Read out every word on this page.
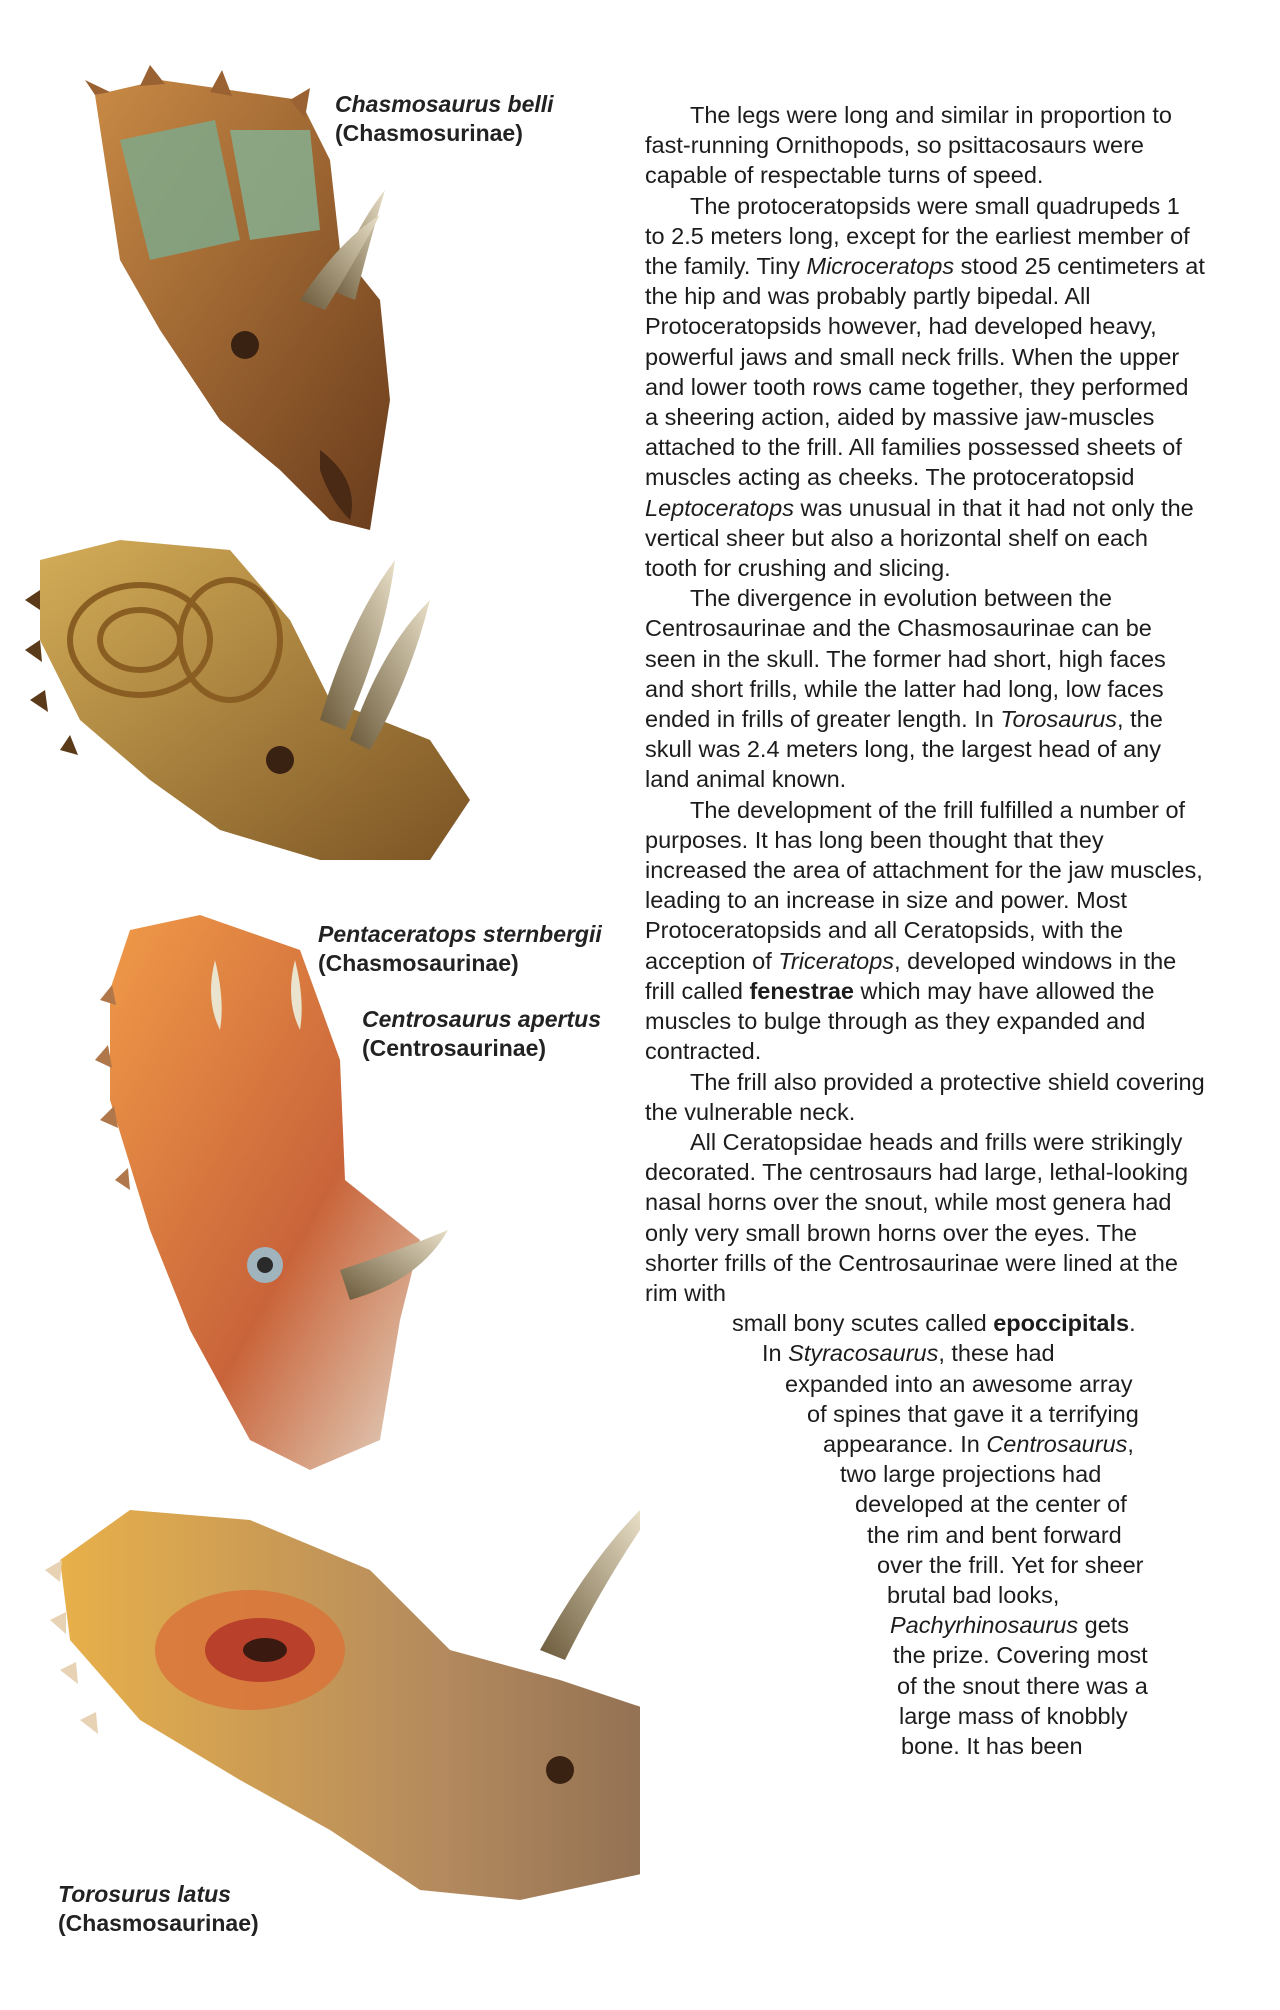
Chasmosaurus belli
(Chasmosurinae)
Pentaceratops sternbergii
(Chasmosaurinae)
Centrosaurus apertus
(Centrosaurinae)
Torosurus latus
(Chasmosaurinae)

The legs were long and similar in proportion to fast-running Ornithopods, so psittacosaurs were capable of respectable turns of speed.

The protoceratopsids were small quadrupeds 1 to 2.5 meters long, except for the earliest member of the family. Tiny Microceratops stood 25 centimeters at the hip and was probably partly bipedal. All Protoceratopsids however, had developed heavy, powerful jaws and small neck frills. When the upper and lower tooth rows came together, they performed a sheering action, aided by massive jaw-muscles attached to the frill. All families possessed sheets of muscles acting as cheeks. The protoceratopsid Leptoceratops was unusual in that it had not only the vertical sheer but also a horizontal shelf on each tooth for crushing and slicing.

The divergence in evolution between the Centrosaurinae and the Chasmosaurinae can be seen in the skull. The former had short, high faces and short frills, while the latter had long, low faces ended in frills of greater length. In Torosaurus, the skull was 2.4 meters long, the largest head of any land animal known.

The development of the frill fulfilled a number of purposes. It has long been thought that they increased the area of attachment for the jaw muscles, leading to an increase in size and power. Most Protoceratopsids and all Ceratopsids, with the acception of Triceratops, developed windows in the frill called fenestrae which may have allowed the muscles to bulge through as they expanded and contracted.

The frill also provided a protective shield covering the vulnerable neck.

All Ceratopsidae heads and frills were strikingly decorated. The centrosaurs had large, lethal-looking nasal horns over the snout, while most genera had only very small brown horns over the eyes. The shorter frills of the Centrosaurinae were lined at the rim with

small bony scutes called epoccipitals.
In Styracosaurus, these had
expanded into an awesome array
of spines that gave it a terrifying
appearance. In Centrosaurus,
two large projections had
developed at the center of
the rim and bent forward
over the frill. Yet for sheer
brutal bad looks,
Pachyrhinosaurus gets
the prize. Covering most
of the snout there was a
large mass of knobbly
bone. It has been
